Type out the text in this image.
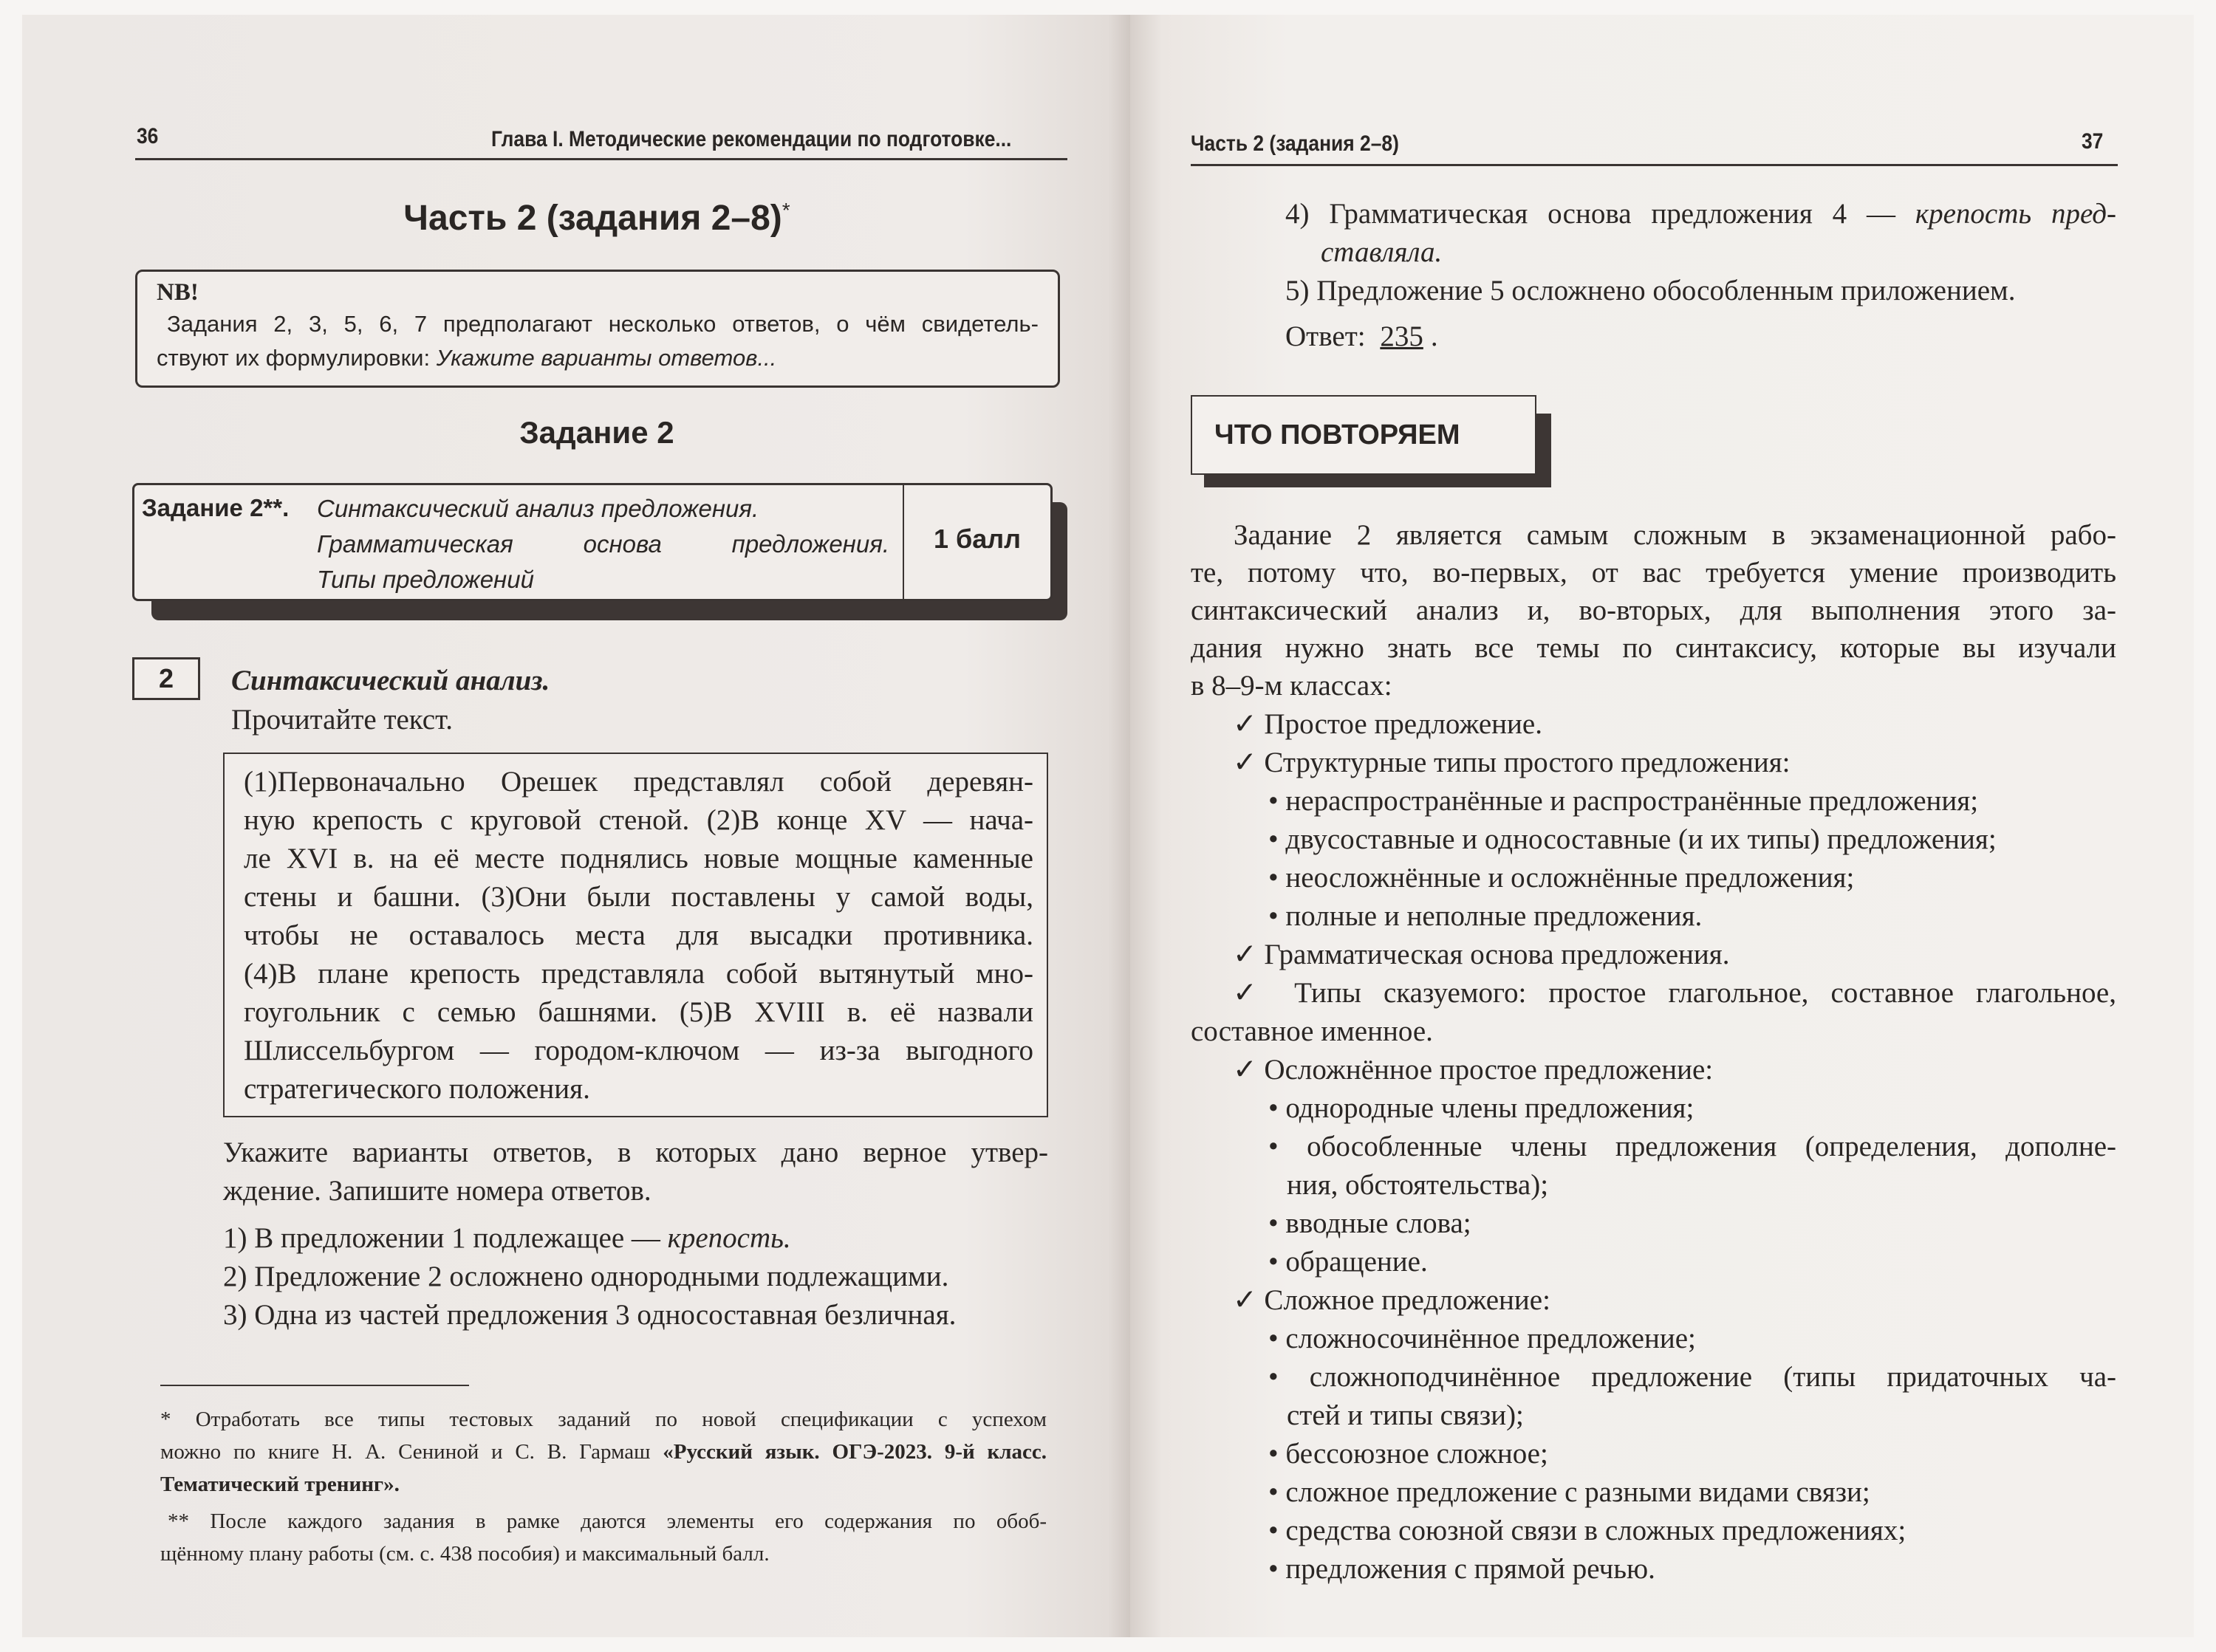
36	Глава I. Методические рекомендации по подготовке...
Часть 2 (задания 2–8)*
NB!
Задания 2, 3, 5, 6, 7 предполагают несколько ответов, о чём свидетель-
ствуют их формулировки: Укажите варианты ответов...
Задание 2
Задание 2**. Синтаксический анализ предложения.
Грамматическая основа предложения.
Типы предложений
1 балл
2	Синтаксический анализ.
Прочитайте текст.
(1)Первоначально Орешек представлял собой деревян-
ную крепость с круговой стеной. (2)В конце XV — нача-
ле XVI в. на её месте поднялись новые мощные каменные
стены и башни. (3)Они были поставлены у самой воды,
чтобы не оставалось места для высадки противника.
(4)В плане крепость представляла собой вытянутый мно-
гоугольник с семью башнями. (5)В XVIII в. её назвали
Шлиссельбургом — городом-ключом — из-за выгодного
стратегического положения.
Укажите варианты ответов, в которых дано верное утвер-
ждение. Запишите номера ответов.
1) В предложении 1 подлежащее — крепость.
2) Предложение 2 осложнено однородными подлежащими.
3) Одна из частей предложения 3 односоставная безличная.
* Отработать все типы тестовых заданий по новой спецификации с успехом
можно по книге Н. А. Сениной и С. В. Гармаш «Русский язык. ОГЭ-2023. 9-й класс.
Тематический тренинг».
** После каждого задания в рамке даются элементы его содержания по обоб-
щённому плану работы (см. с. 438 пособия) и максимальный балл.
Часть 2 (задания 2–8)	37
4) Грамматическая основа предложения 4 — крепость пред-
ставляла.
5) Предложение 5 осложнено обособленным приложением.
Ответ: 235 .
ЧТО ПОВТОРЯЕМ
Задание 2 является самым сложным в экзаменационной рабо-
те, потому что, во-первых, от вас требуется умение производить
синтаксический анализ и, во-вторых, для выполнения этого за-
дания нужно знать все темы по синтаксису, которые вы изучали
в 8–9-м классах:
✓ Простое предложение.
✓ Структурные типы простого предложения:
• нераспространённые и распространённые предложения;
• двусоставные и односоставные (и их типы) предложения;
• неосложнённые и осложнённые предложения;
• полные и неполные предложения.
✓ Грамматическая основа предложения.
✓ Типы сказуемого: простое глагольное, составное глагольное,
составное именное.
✓ Осложнённое простое предложение:
• однородные члены предложения;
• обособленные члены предложения (определения, дополне-
ния, обстоятельства);
• вводные слова;
• обращение.
✓ Сложное предложение:
• сложносочинённое предложение;
• сложноподчинённое предложение (типы придаточных ча-
стей и типы связи);
• бессоюзное сложное;
• сложное предложение с разными видами связи;
• средства союзной связи в сложных предложениях;
• предложения с прямой речью.
